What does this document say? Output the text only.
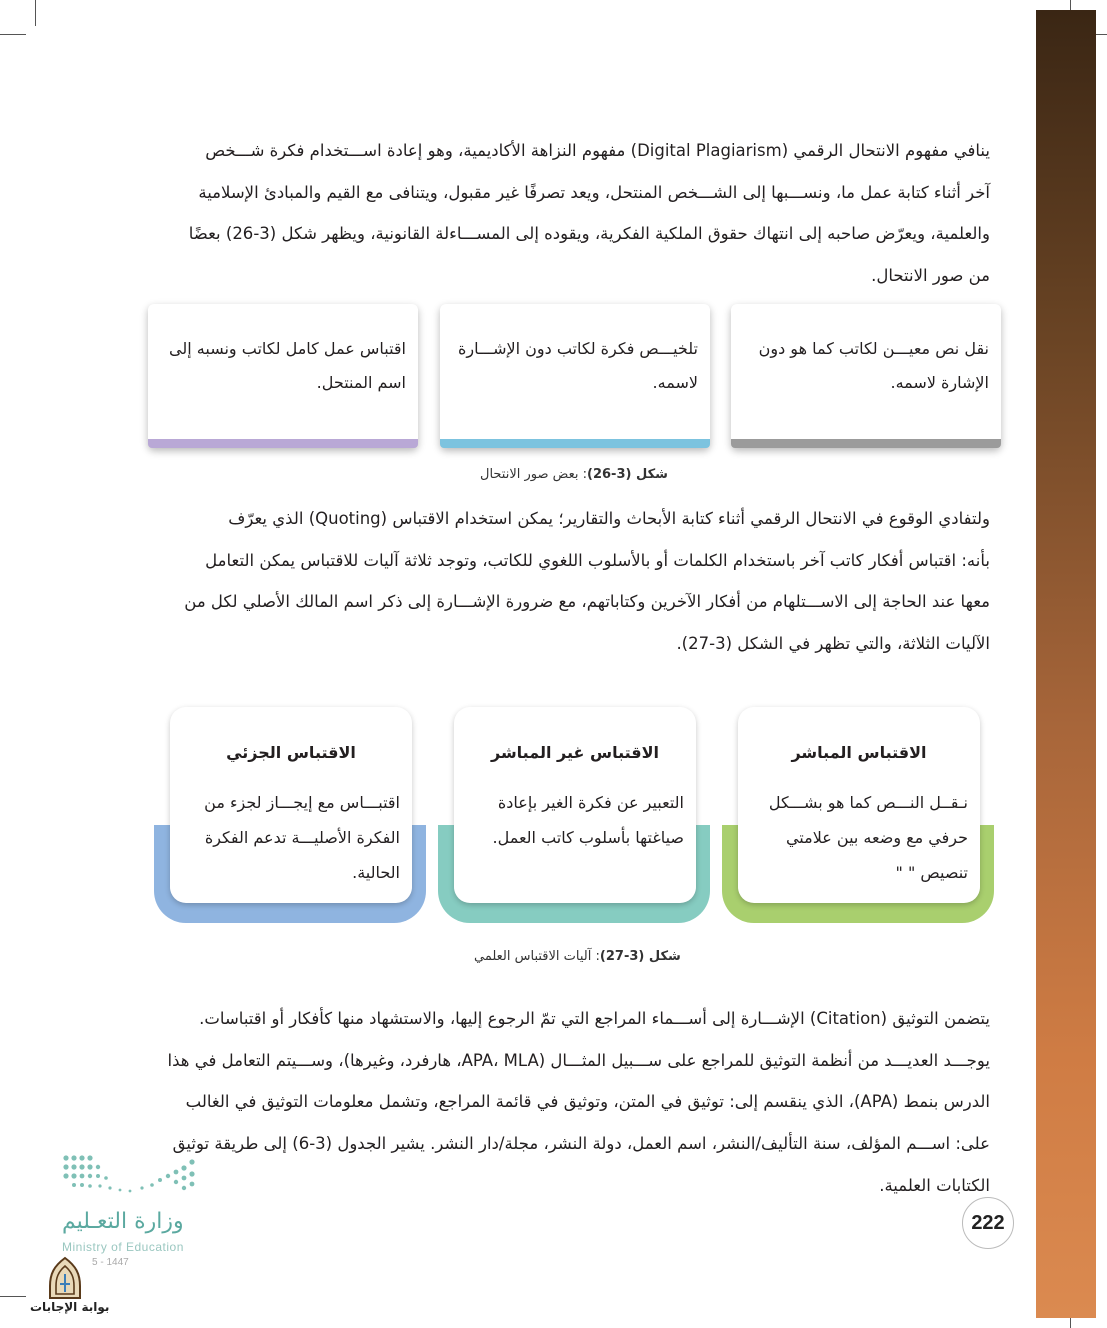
ينافي مفهوم الانتحال الرقمي (Digital Plagiarism) مفهوم النزاهة الأكاديمية، وهو إعادة اســـتخدام فكرة شـــخص
آخر أثناء كتابة عمل ما، ونســـبها إلى الشـــخص المنتحل، ويعد تصرفًا غير مقبول، ويتنافى مع القيم والمبادئ الإسلامية
والعلمية، ويعرّض صاحبه إلى انتهاك حقوق الملكية الفكرية، ويقوده إلى المســـاءلة القانونية، ويظهر شكل (3-26) بعضًا
من صور الانتحال.

نقل نص معيـــن لكاتب كما هو دون
الإشارة لاسمه.
تلخيـــص فكرة لكاتب دون الإشـــارة
لاسمه.
اقتباس عمل كامل لكاتب ونسبه إلى
اسم المنتحل.
شكل (3-26): بعض صور الانتحال

ولتفادي الوقوع في الانتحال الرقمي أثناء كتابة الأبحاث والتقارير؛ يمكن استخدام الاقتباس (Quoting) الذي يعرّف
بأنه: اقتباس أفكار كاتب آخر باستخدام الكلمات أو بالأسلوب اللغوي للكاتب، وتوجد ثلاثة آليات للاقتباس يمكن التعامل
معها عند الحاجة إلى الاســـتلهام من أفكار الآخرين وكتاباتهم، مع ضرورة الإشـــارة إلى ذكر اسم المالك الأصلي لكل من
الآليات الثلاثة، والتي تظهر في الشكل (3-27).

الاقتباس المباشر
نـقــل النـــص كما هو بشـــكل
حرفي مع وضعه بين علامتي
تنصيص " "
الاقتباس غير المباشر
التعبير عن فكرة الغير بإعادة
صياغتها بأسلوب كاتب العمل.
الاقتباس الجزئي
اقتبـــاس مع إيجـــاز لجزء من
الفكرة الأصليـــة تدعم الفكرة
الحالية.
شكل (3-27): آليات الاقتباس العلمي

يتضمن التوثيق (Citation) الإشـــارة إلى أســـماء المراجع التي تمّ الرجوع إليها، والاستشهاد منها كأفكار أو اقتباسات.
يوجـــد العديـــد من أنظمة التوثيق للمراجع على ســـبيل المثـــال (APA، MLA، هارفرد، وغيرها)، وســـيتم التعامل في هذا
الدرس بنمط (APA)، الذي ينقسم إلى: توثيق في المتن، وتوثيق في قائمة المراجع، وتشمل معلومات التوثيق في الغالب
على: اســـم المؤلف، سنة التأليف/النشر، اسم العمل، دولة النشر، مجلة/دار النشر. يشير الجدول (3-6) إلى طريقة توثيق
الكتابات العلمية.

222
وزارة التعـليم
Ministry of Education
5 - 1447
بوابة الإجابات
